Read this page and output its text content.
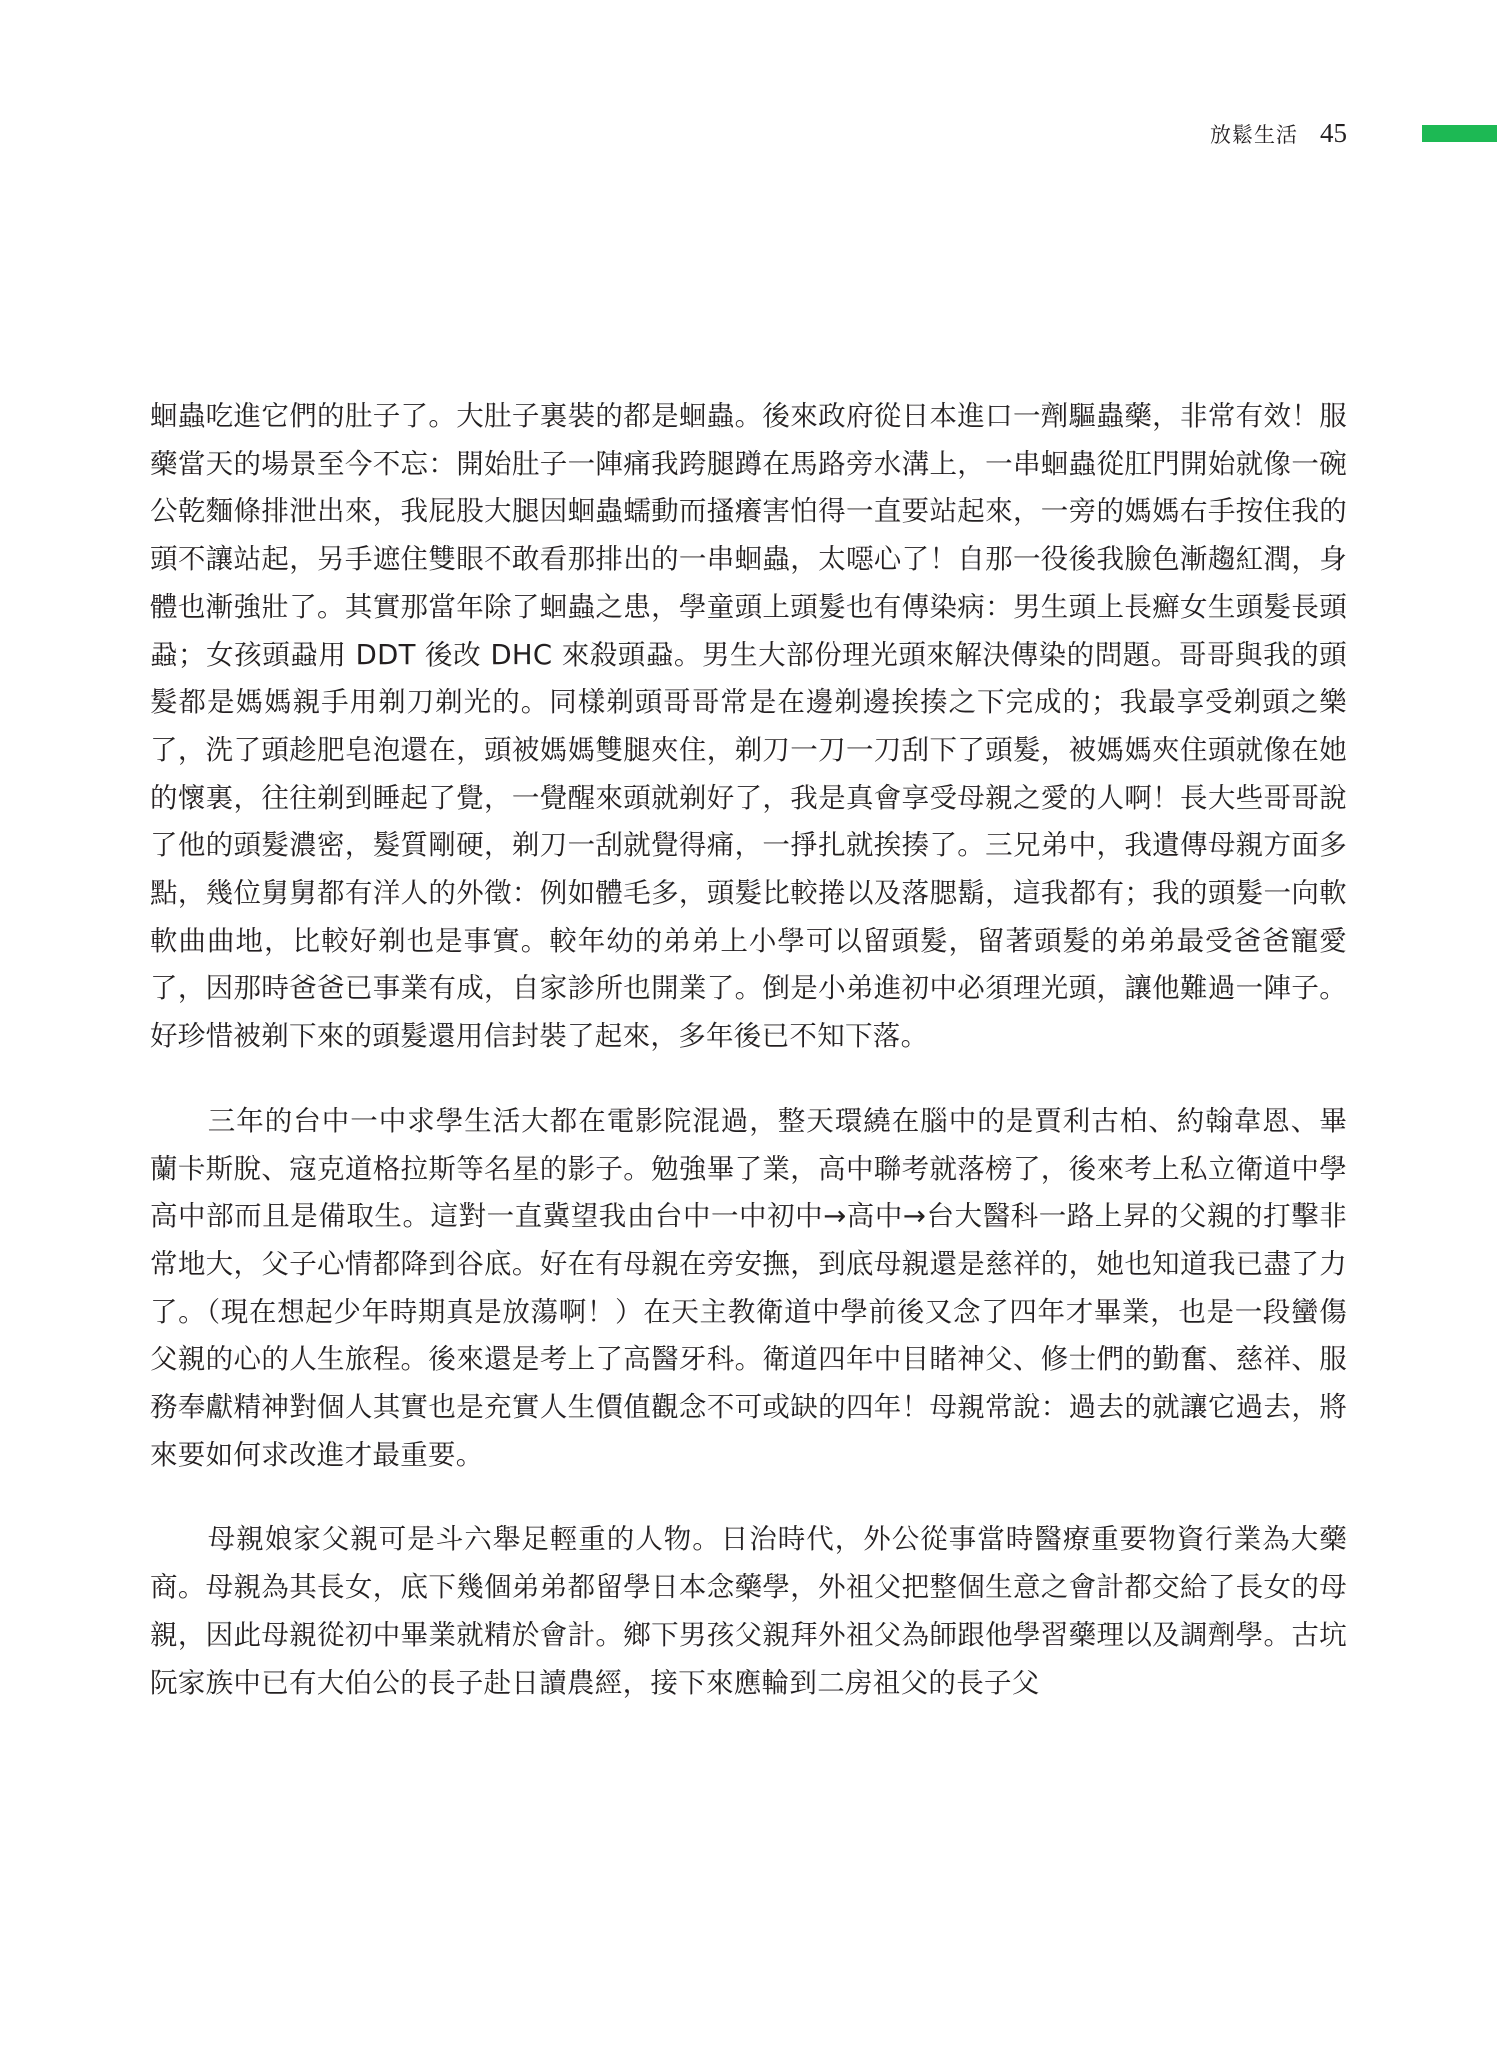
放鬆生活 45

蛔蟲吃進它們的肚子了。大肚子裏裝的都是蛔蟲。後來政府從日本進口一劑驅蟲藥，非常有效！服藥當天的場景至今不忘：開始肚子一陣痛我跨腿蹲在馬路旁水溝上，一串蛔蟲從肛門開始就像一碗公乾麵條排泄出來，我屁股大腿因蛔蟲蠕動而搔癢害怕得一直要站起來，一旁的媽媽右手按住我的頭不讓站起，另手遮住雙眼不敢看那排出的一串蛔蟲，太噁心了！自那一役後我臉色漸趨紅潤，身體也漸強壯了。其實那當年除了蛔蟲之患，學童頭上頭髮也有傳染病：男生頭上長癬女生頭髮長頭蝨；女孩頭蝨用 DDT 後改 DHC 來殺頭蝨。男生大部份理光頭來解決傳染的問題。哥哥與我的頭髮都是媽媽親手用剃刀剃光的。同樣剃頭哥哥常是在邊剃邊挨揍之下完成的；我最享受剃頭之樂了，洗了頭趁肥皂泡還在，頭被媽媽雙腿夾住，剃刀一刀一刀刮下了頭髮，被媽媽夾住頭就像在她的懷裏，往往剃到睡起了覺，一覺醒來頭就剃好了，我是真會享受母親之愛的人啊！長大些哥哥說了他的頭髮濃密，髮質剛硬，剃刀一刮就覺得痛，一掙扎就挨揍了。三兄弟中，我遺傳母親方面多點，幾位舅舅都有洋人的外徵：例如體毛多，頭髮比較捲以及落腮鬍，這我都有；我的頭髮一向軟軟曲曲地，比較好剃也是事實。較年幼的弟弟上小學可以留頭髮，留著頭髮的弟弟最受爸爸寵愛了，因那時爸爸已事業有成，自家診所也開業了。倒是小弟進初中必須理光頭，讓他難過一陣子。好珍惜被剃下來的頭髮還用信封裝了起來，多年後已不知下落。

三年的台中一中求學生活大都在電影院混過，整天環繞在腦中的是賈利古柏、約翰韋恩、畢蘭卡斯脫、寇克道格拉斯等名星的影子。勉強畢了業，高中聯考就落榜了，後來考上私立衛道中學高中部而且是備取生。這對一直冀望我由台中一中初中→高中→台大醫科一路上昇的父親的打擊非常地大，父子心情都降到谷底。好在有母親在旁安撫，到底母親還是慈祥的，她也知道我已盡了力了。（現在想起少年時期真是放蕩啊！）在天主教衛道中學前後又念了四年才畢業，也是一段蠻傷父親的心的人生旅程。後來還是考上了高醫牙科。衛道四年中目睹神父、修士們的勤奮、慈祥、服務奉獻精神對個人其實也是充實人生價值觀念不可或缺的四年！母親常說：過去的就讓它過去，將來要如何求改進才最重要。

母親娘家父親可是斗六舉足輕重的人物。日治時代，外公從事當時醫療重要物資行業為大藥商。母親為其長女，底下幾個弟弟都留學日本念藥學，外祖父把整個生意之會計都交給了長女的母親，因此母親從初中畢業就精於會計。鄉下男孩父親拜外祖父為師跟他學習藥理以及調劑學。古坑阮家族中已有大伯公的長子赴日讀農經，接下來應輪到二房祖父的長子父
